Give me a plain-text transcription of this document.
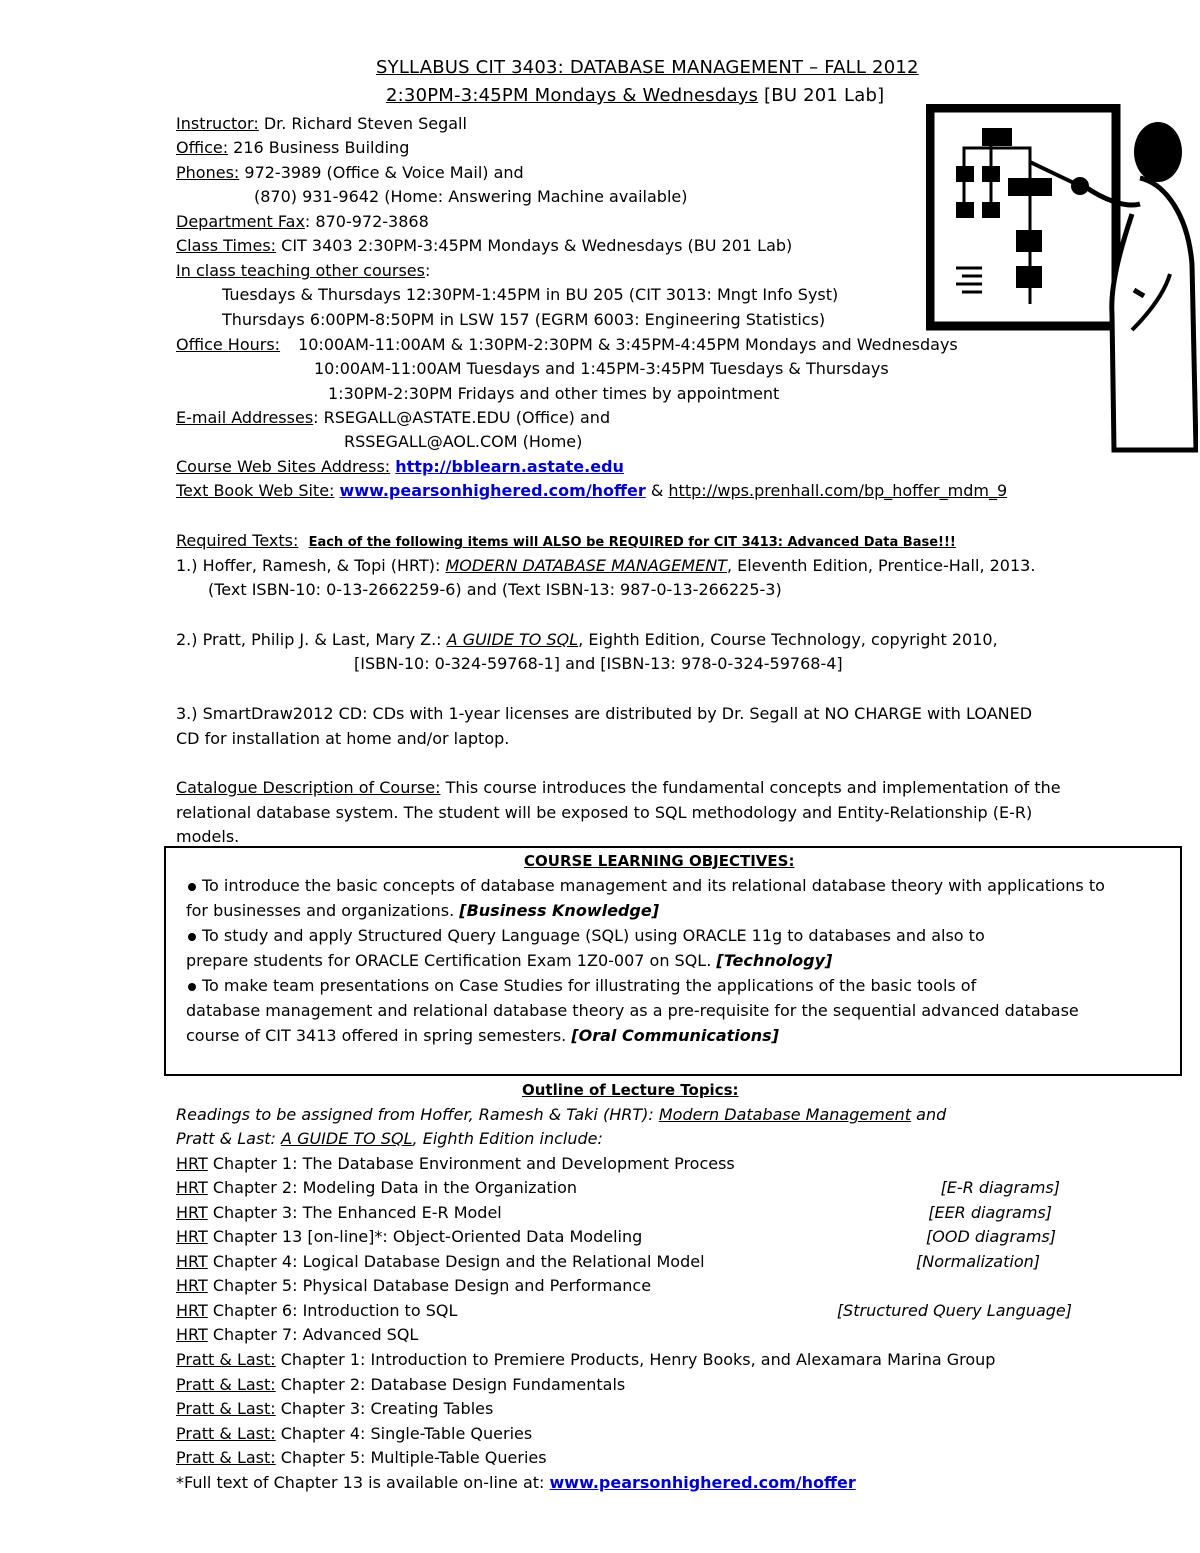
SYLLABUS CIT 3403: DATABASE MANAGEMENT – FALL 2012
2:30PM-3:45PM Mondays & Wednesdays [BU 201 Lab]
Instructor: Dr. Richard Steven Segall
Office: 216 Business Building
Phones: 972-3989 (Office & Voice Mail) and
(870) 931-9642 (Home: Answering Machine available)
Department Fax: 870-972-3868
Class Times: CIT 3403 2:30PM-3:45PM Mondays & Wednesdays (BU 201 Lab)
In class teaching other courses:
Tuesdays & Thursdays 12:30PM-1:45PM in BU 205 (CIT 3013: Mngt Info Syst)
Thursdays 6:00PM-8:50PM in LSW 157 (EGRM 6003: Engineering Statistics)
Office Hours: 10:00AM-11:00AM & 1:30PM-2:30PM & 3:45PM-4:45PM Mondays and Wednesdays
10:00AM-11:00AM Tuesdays and 1:45PM-3:45PM Tuesdays & Thursdays
1:30PM-2:30PM Fridays and other times by appointment
E-mail Addresses: RSEGALL@ASTATE.EDU (Office) and
RSSEGALL@AOL.COM (Home)
Course Web Sites Address: http://bblearn.astate.edu
Text Book Web Site: www.pearsonhighered.com/hoffer & http://wps.prenhall.com/bp_hoffer_mdm_9
Required Texts: Each of the following items will ALSO be REQUIRED for CIT 3413: Advanced Data Base!!!
1.) Hoffer, Ramesh, & Topi (HRT): MODERN DATABASE MANAGEMENT, Eleventh Edition, Prentice-Hall, 2013.
(Text ISBN-10: 0-13-2662259-6) and (Text ISBN-13: 987-0-13-266225-3)
2.) Pratt, Philip J. & Last, Mary Z.: A GUIDE TO SQL, Eighth Edition, Course Technology, copyright 2010,
[ISBN-10: 0-324-59768-1] and [ISBN-13: 978-0-324-59768-4]
3.) SmartDraw2012 CD: CDs with 1-year licenses are distributed by Dr. Segall at NO CHARGE with LOANED
CD for installation at home and/or laptop.
Catalogue Description of Course: This course introduces the fundamental concepts and implementation of the
relational database system. The student will be exposed to SQL methodology and Entity-Relationship (E-R)
models.
COURSE LEARNING OBJECTIVES:
To introduce the basic concepts of database management and its relational database theory with applications to
for businesses and organizations. [Business Knowledge]
To study and apply Structured Query Language (SQL) using ORACLE 11g to databases and also to
prepare students for ORACLE Certification Exam 1Z0-007 on SQL. [Technology]
To make team presentations on Case Studies for illustrating the applications of the basic tools of
database management and relational database theory as a pre-requisite for the sequential advanced database
course of CIT 3413 offered in spring semesters. [Oral Communications]
Outline of Lecture Topics:
Readings to be assigned from Hoffer, Ramesh & Taki (HRT): Modern Database Management and
Pratt & Last: A GUIDE TO SQL, Eighth Edition include:
HRT Chapter 1: The Database Environment and Development Process
HRT Chapter 2: Modeling Data in the Organization	[E-R diagrams]
HRT Chapter 3: The Enhanced E-R Model	[EER diagrams]
HRT Chapter 13 [on-line]*: Object-Oriented Data Modeling	[OOD diagrams]
HRT Chapter 4: Logical Database Design and the Relational Model	[Normalization]
HRT Chapter 5: Physical Database Design and Performance
HRT Chapter 6: Introduction to SQL	[Structured Query Language]
HRT Chapter 7: Advanced SQL
Pratt & Last: Chapter 1: Introduction to Premiere Products, Henry Books, and Alexamara Marina Group
Pratt & Last: Chapter 2: Database Design Fundamentals
Pratt & Last: Chapter 3: Creating Tables
Pratt & Last: Chapter 4: Single-Table Queries
Pratt & Last: Chapter 5: Multiple-Table Queries
*Full text of Chapter 13 is available on-line at: www.pearsonhighered.com/hoffer
